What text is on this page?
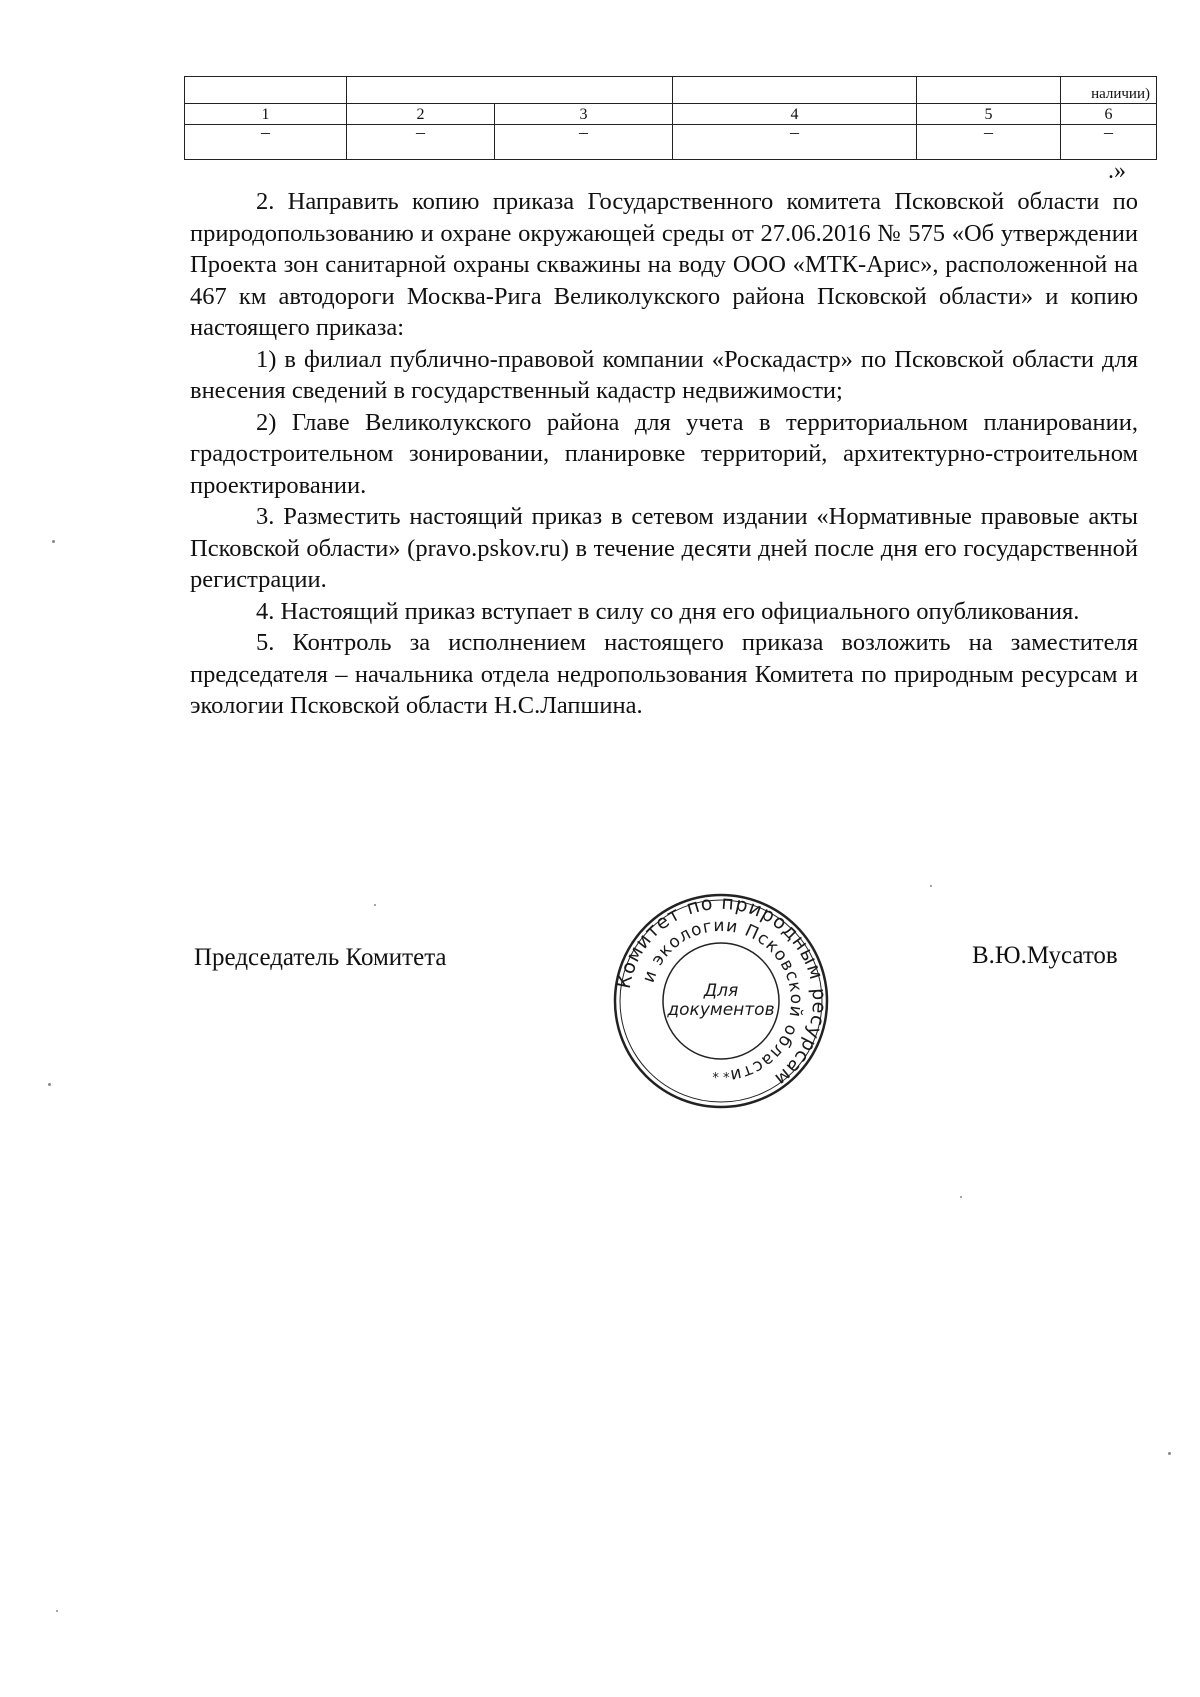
					наличии)
1	2	3	4	5	6
–	–	–	–	–	–
.»

2. Направить копию приказа Государственного комитета Псковской области по природопользованию и охране окружающей среды от 27.06.2016 № 575 «Об утверждении Проекта зон санитарной охраны скважины на воду ООО «МТК-Арис», расположенной на 467 км автодороги Москва-Рига Великолукского района Псковской области» и копию настоящего приказа:

1) в филиал публично-правовой компании «Роскадастр» по Псковской области для внесения сведений в государственный кадастр недвижимости;

2) Главе Великолукского района для учета в территориальном планировании, градостроительном зонировании, планировке территорий, архитектурно-строительном проектировании.

3. Разместить настоящий приказ в сетевом издании «Нормативные правовые акты Псковской области» (pravo.pskov.ru) в течение десяти дней после дня его государственной регистрации.

4. Настоящий приказ вступает в силу со дня его официального опубликования.

5. Контроль за исполнением настоящего приказа возложить на заместителя председателя – начальника отдела недропользования Комитета по природным ресурсам и экологии Псковской области Н.С.Лапшина.

Председатель Комитета	В.Ю.Мусатов
Комитет по природным ресурсам
и экологии Псковской области
Для
документов
* *
